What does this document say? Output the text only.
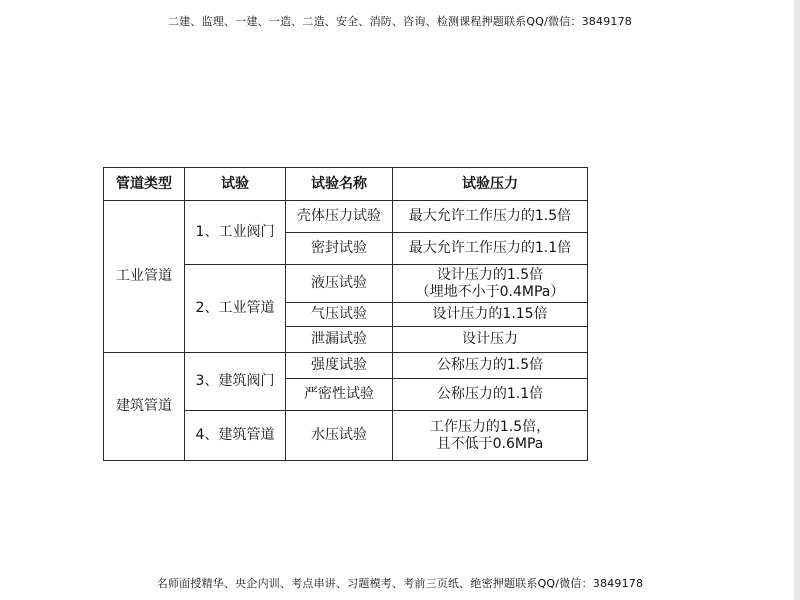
二建、监理、一建、一造、二造、安全、消防、咨询、检测课程押题联系QQ/微信：3849178
管道类型	试验	试验名称	试验压力
工业管道	1、工业阀门	壳体压力试验	最大允许工作压力的1.5倍
		密封试验	最大允许工作压力的1.1倍
	2、工业管道	液压试验	设计压力的1.5倍
（埋地不小于0.4MPa）

		气压试验	设计压力的1.15倍
		泄漏试验	设计压力
建筑管道	3、建筑阀门	强度试验	公称压力的1.5倍
		严密性试验	公称压力的1.1倍
	4、建筑管道	水压试验	工作压力的1.5倍，
且不低于0.6MPa
名师面授精华、央企内训、考点串讲、习题模考、考前三页纸、绝密押题联系QQ/微信：3849178
